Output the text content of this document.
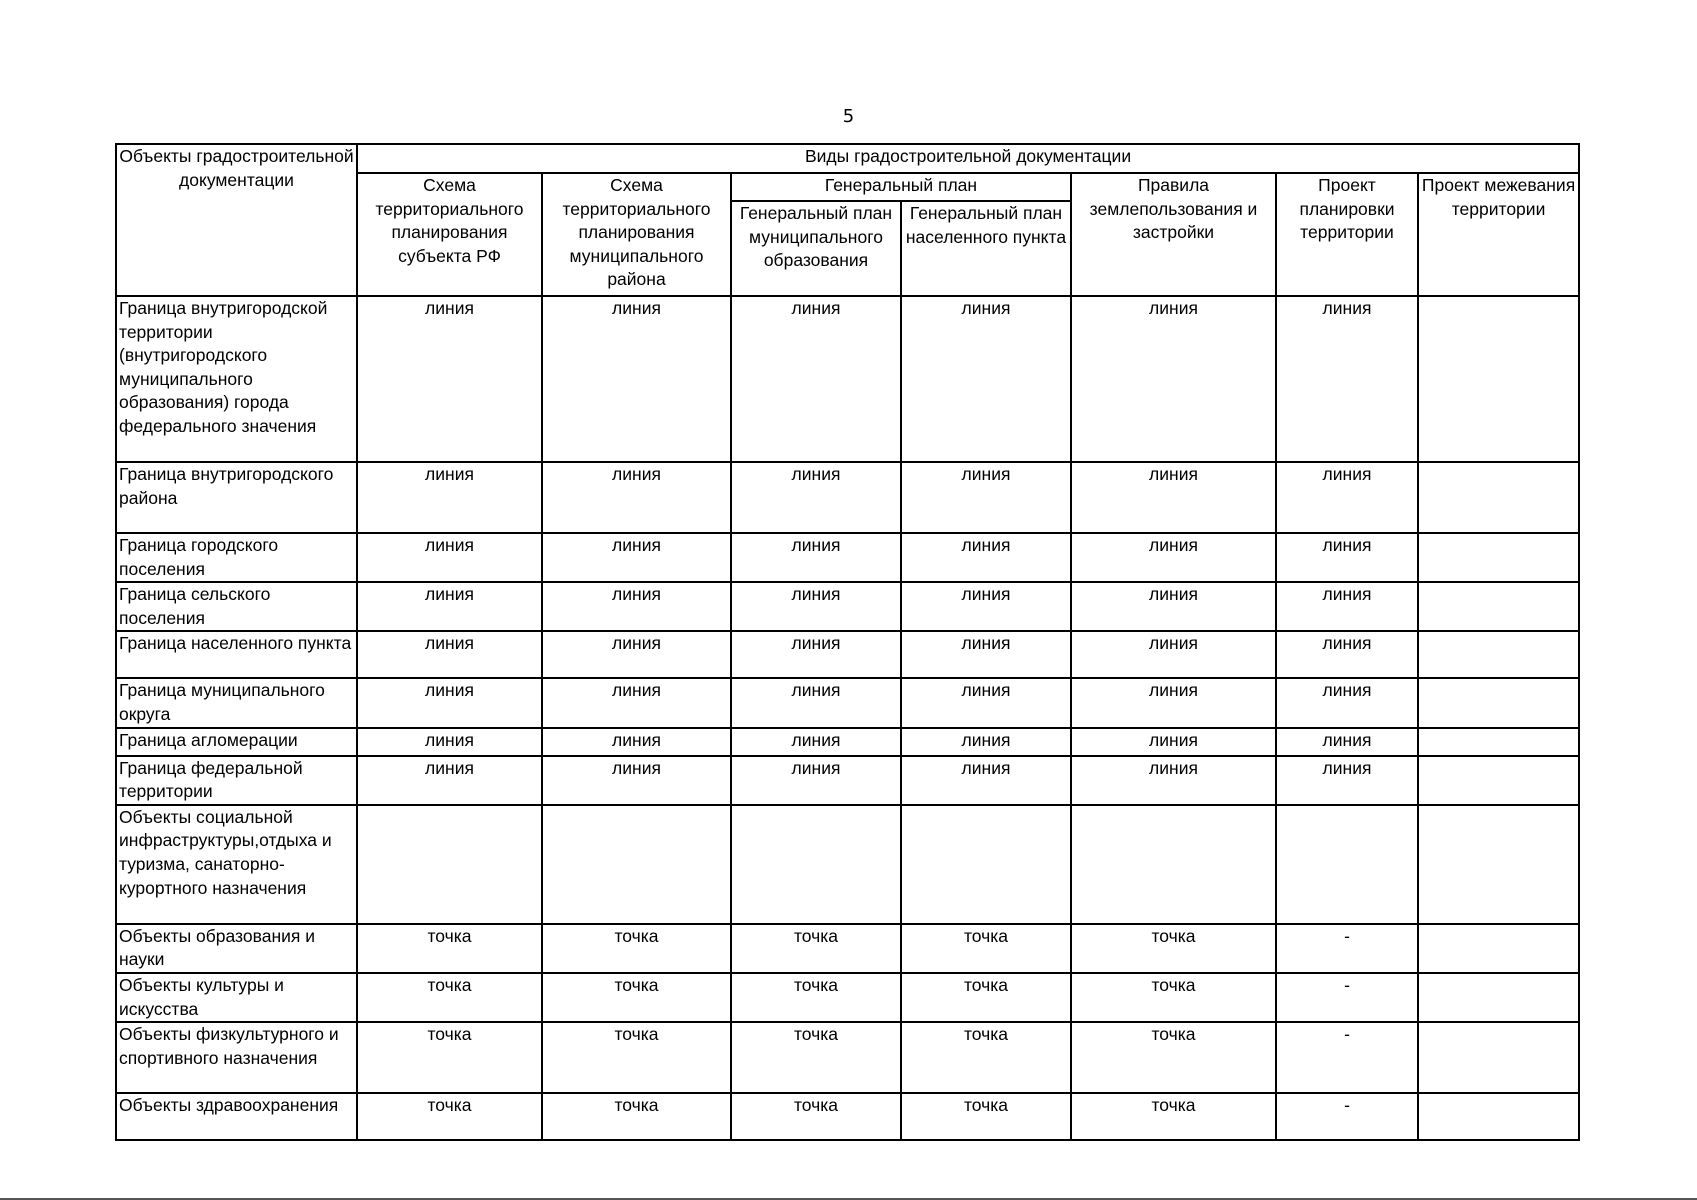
5
Объекты градостроительной документации	Виды градостроительной документации						
	Схема территориального планирования субъекта РФ	Схема территориального планирования муниципального района	Генеральный план		Правила землепользования и застройки	Проект планировки территории	Проект межевания территории
			Генеральный план муниципального образования	Генеральный план населенного пункта			
Граница внутригородской территории (внутригородского муниципального образования) города федерального значения	линия	линия	линия	линия	линия	линия	
Граница внутригородского района	линия	линия	линия	линия	линия	линия	
Граница городского поселения	линия	линия	линия	линия	линия	линия	
Граница сельского поселения	линия	линия	линия	линия	линия	линия	
Граница населенного пункта	линия	линия	линия	линия	линия	линия	
Граница муниципального округа	линия	линия	линия	линия	линия	линия	
Граница агломерации	линия	линия	линия	линия	линия	линия	
Граница федеральной территории	линия	линия	линия	линия	линия	линия	
Объекты социальной инфраструктуры,отдыха и туризма, санаторно-курортного назначения							
Объекты образования и науки	точка	точка	точка	точка	точка	-	
Объекты культуры и искусства	точка	точка	точка	точка	точка	-	
Объекты физкультурного и спортивного назначения	точка	точка	точка	точка	точка	-	
Объекты здравоохранения	точка	точка	точка	точка	точка	-	
